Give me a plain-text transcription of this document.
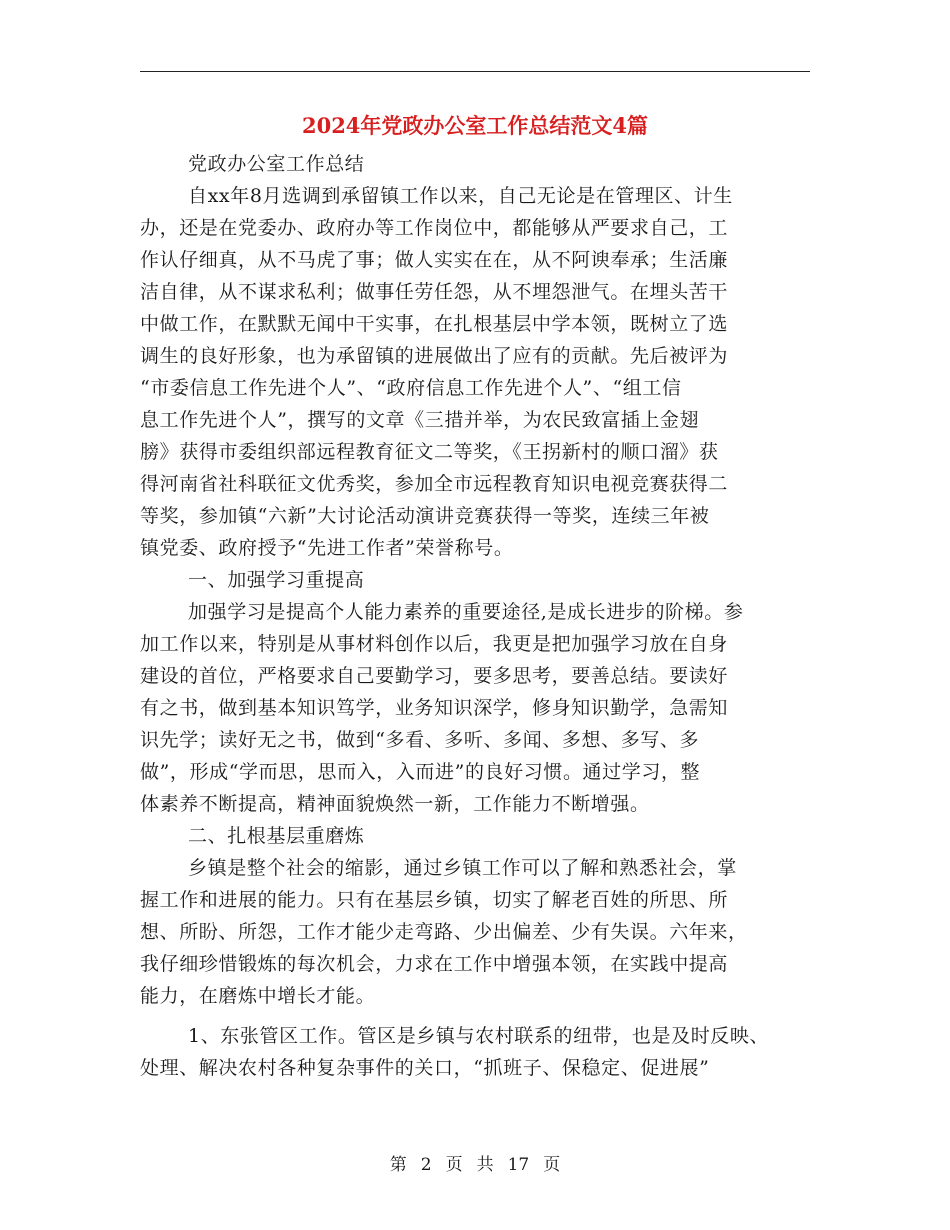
2024年党政办公室工作总结范文4篇
党政办公室工作总结
自xx年8月选调到承留镇工作以来，自己无论是在管理区、计生
办，还是在党委办、政府办等工作岗位中，都能够从严要求自己，工
作认仔细真，从不马虎了事；做人实实在在，从不阿谀奉承；生活廉
洁自律，从不谋求私利；做事任劳任怨，从不埋怨泄气。在埋头苦干
中做工作，在默默无闻中干实事，在扎根基层中学本领，既树立了选
调生的良好形象，也为承留镇的进展做出了应有的贡献。先后被评为
“市委信息工作先进个人”、“政府信息工作先进个人”、“组工信
息工作先进个人”，撰写的文章《三措并举，为农民致富插上金翅
膀》获得市委组织部远程教育征文二等奖，《王拐新村的顺口溜》获
得河南省社科联征文优秀奖，参加全市远程教育知识电视竞赛获得二
等奖，参加镇“六新”大讨论活动演讲竞赛获得一等奖，连续三年被
镇党委、政府授予“先进工作者”荣誉称号。
一、加强学习重提高
加强学习是提高个人能力素养的重要途径,是成长进步的阶梯。参
加工作以来，特别是从事材料创作以后，我更是把加强学习放在自身
建设的首位，严格要求自己要勤学习，要多思考，要善总结。要读好
有之书，做到基本知识笃学，业务知识深学，修身知识勤学，急需知
识先学；读好无之书，做到“多看、多听、多闻、多想、多写、多
做”，形成“学而思，思而入，入而进”的良好习惯。通过学习，整
体素养不断提高，精神面貌焕然一新，工作能力不断增强。
二、扎根基层重磨炼
乡镇是整个社会的缩影，通过乡镇工作可以了解和熟悉社会，掌
握工作和进展的能力。只有在基层乡镇，切实了解老百姓的所思、所
想、所盼、所怨，工作才能少走弯路、少出偏差、少有失误。六年来，
我仔细珍惜锻炼的每次机会，力求在工作中增强本领，在实践中提高
能力，在磨炼中增长才能。
1、东张管区工作。管区是乡镇与农村联系的纽带，也是及时反映、
处理、解决农村各种复杂事件的关口，“抓班子、保稳定、促进展”
第 2 页 共 17 页
